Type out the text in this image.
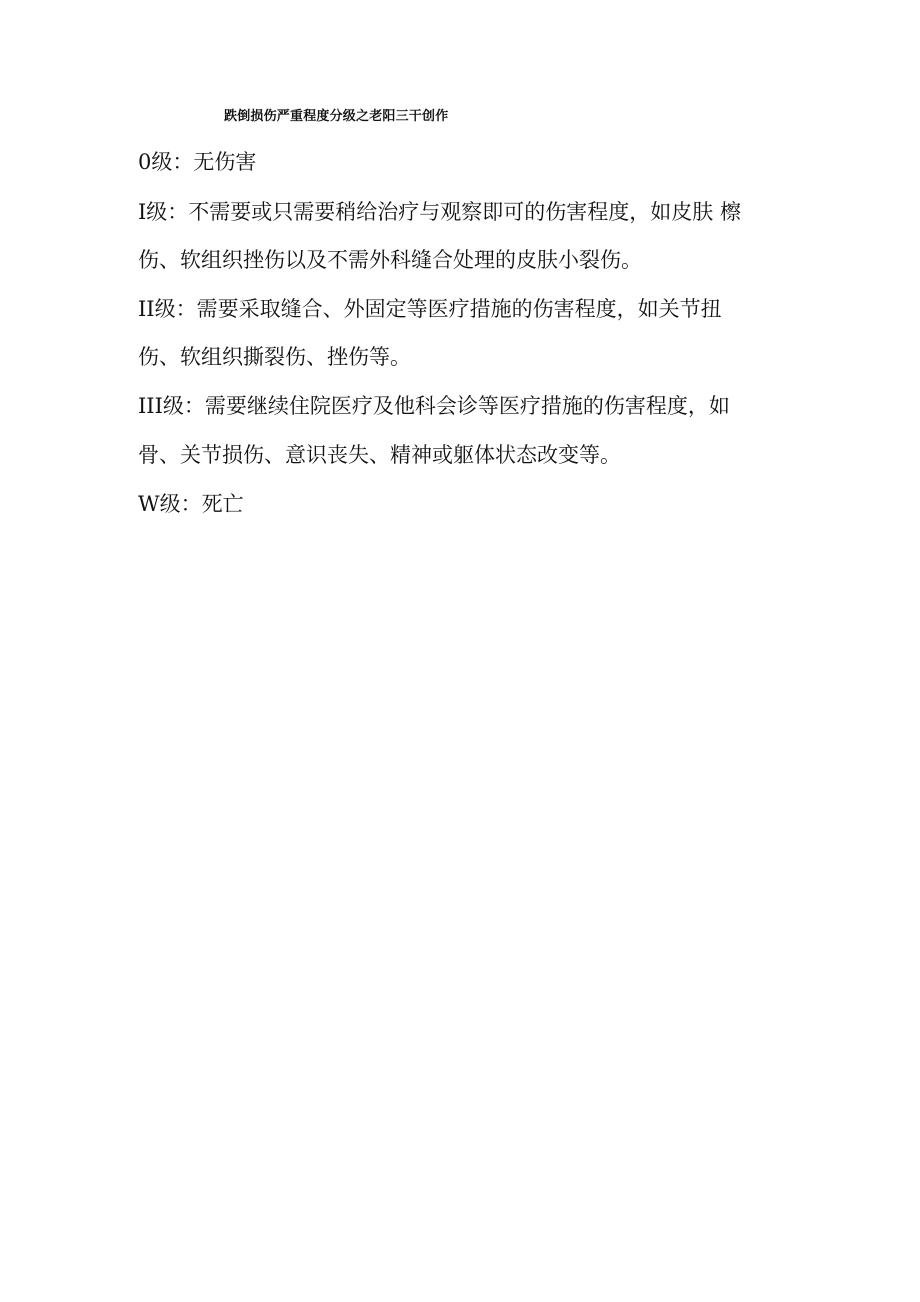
跌倒损伤严重程度分级之老阳三干创作
0级：无伤害
I级：不需要或只需要稍给治疗与观察即可的伤害程度，如皮肤 檫
伤、软组织挫伤以及不需外科缝合处理的皮肤小裂伤。
II级：需要采取缝合、外固定等医疗措施的伤害程度，如关节扭
伤、软组织撕裂伤、挫伤等。
III级：需要继续住院医疗及他科会诊等医疗措施的伤害程度，如
骨、关节损伤、意识丧失、精神或躯体状态改变等。
W级：死亡
